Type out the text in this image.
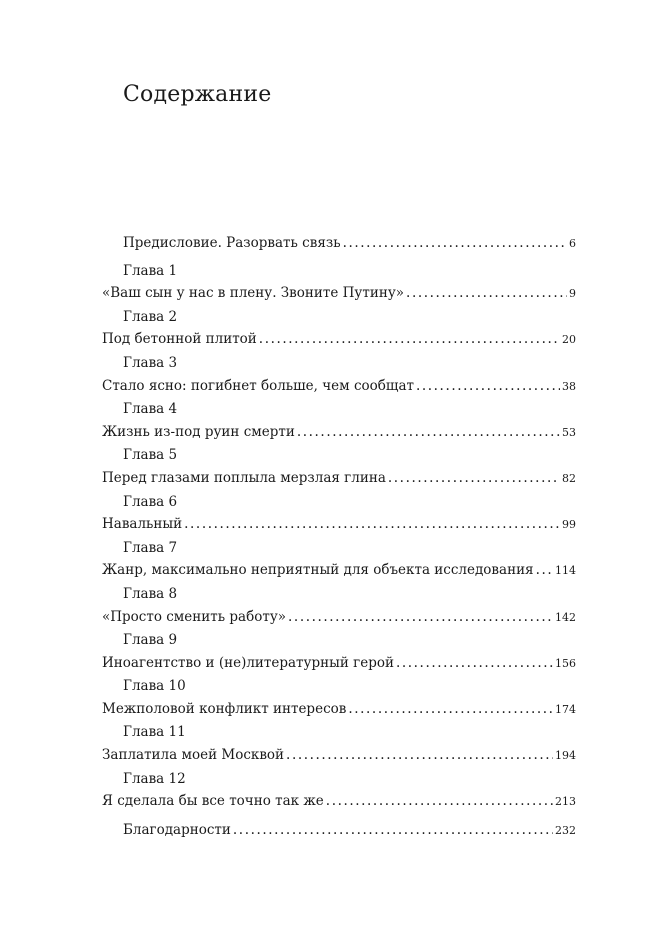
Содержание
Предисловие. Разорвать связь .....	6
Глава 1
«Ваш сын у нас в плену. Звоните Путину» .....	9
Глава 2
Под бетонной плитой .....	20
Глава 3
Стало ясно: погибнет больше, чем сообщат .....	38
Глава 4
Жизнь из-под руин смерти .....	53
Глава 5
Перед глазами поплыла мерзлая глина .....	82
Глава 6
Навальный .....	99
Глава 7
Жанр, максимально неприятный для объекта исследования ..... 114
Глава 8
«Просто сменить работу» .....	142
Глава 9
Иноагентство и (не)литературный герой .....	156
Глава 10
Межполовой конфликт интересов .....	174
Глава 11
Заплатила моей Москвой .....	194
Глава 12
Я сделала бы все точно так же .....	213
Благодарности .....	232
